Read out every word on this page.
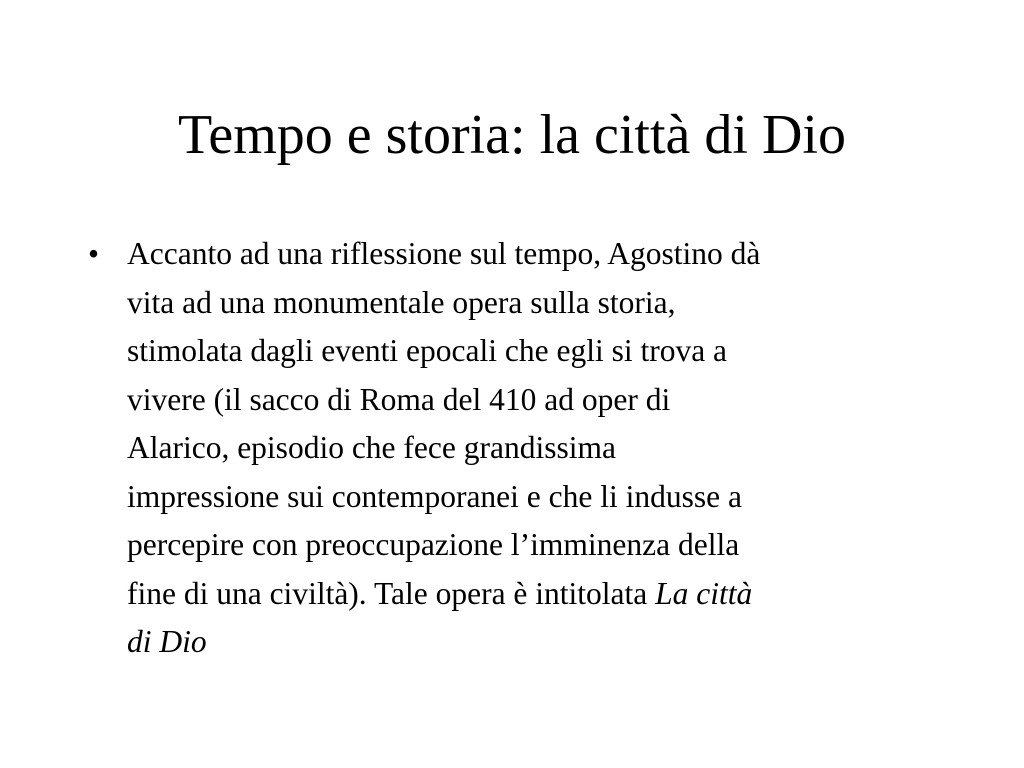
Tempo e storia: la città di Dio
• Accanto ad una riflessione sul tempo, Agostino dà
vita ad una monumentale opera sulla storia,
stimolata dagli eventi epocali che egli si trova a
vivere (il sacco di Roma del 410 ad oper di
Alarico, episodio che fece grandissima
impressione sui contemporanei e che li indusse a
percepire con preoccupazione l’imminenza della
fine di una civiltà). Tale opera è intitolata La città
di Dio
